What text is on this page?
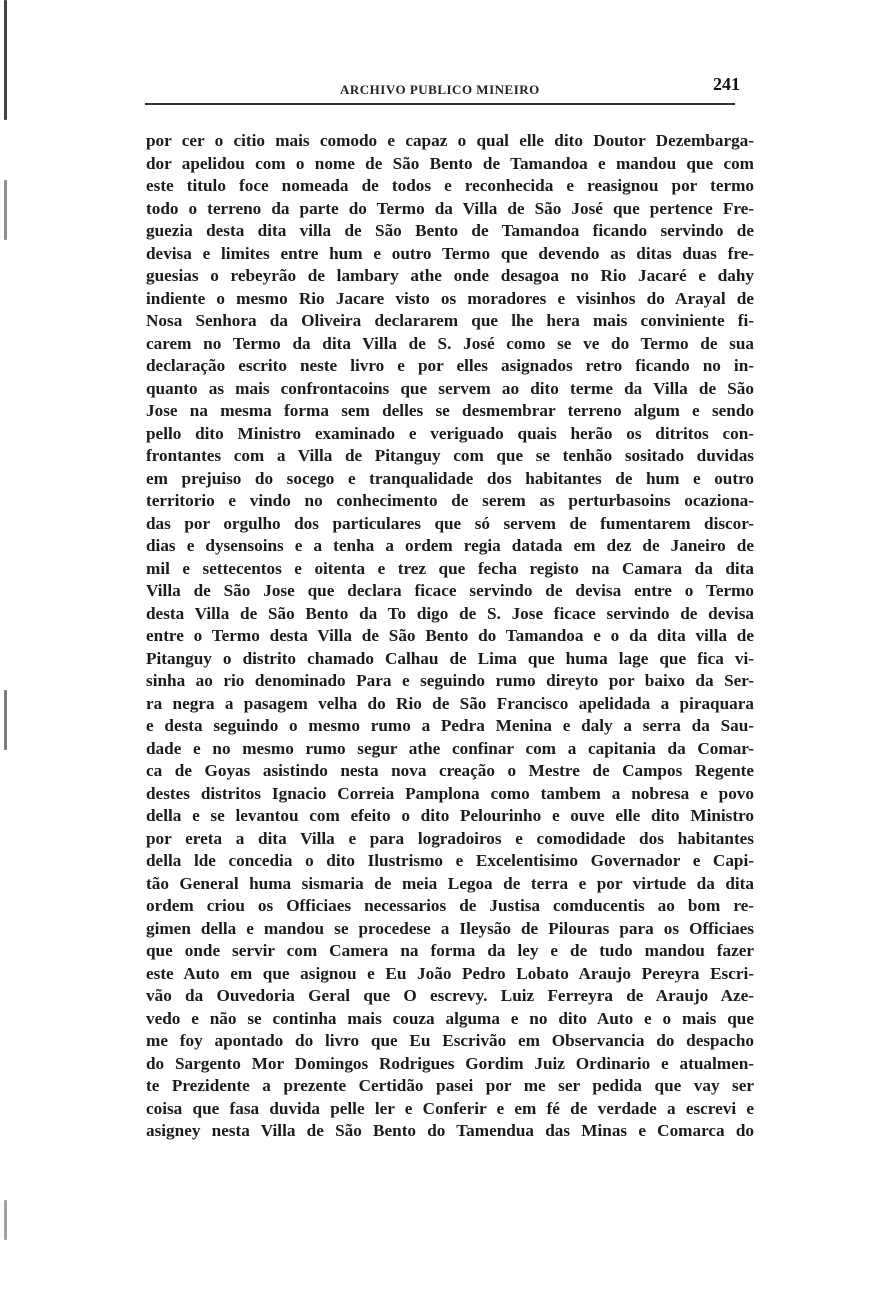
ARCHIVO PUBLICO MINEIRO	241
por cer o citio mais comodo e capaz o qual elle dito Doutor Dezembarga-
dor apelidou com o nome de São Bento de Tamandoa e mandou que com
este titulo foce nomeada de todos e reconhecida e reasignou por termo
todo o terreno da parte do Termo da Villa de São José que pertence Fre-
guezia desta dita villa de São Bento de Tamandoa ficando servindo de
devisa e limites entre hum e outro Termo que devendo as ditas duas fre-
guesias o rebeyrão de lambary athe onde desagoa no Rio Jacaré e dahy
indiente o mesmo Rio Jacare visto os moradores e visinhos do Arayal de
Nosa Senhora da Oliveira declararem que lhe hera mais conviniente fi-
carem no Termo da dita Villa de S. José como se ve do Termo de sua
declaração escrito neste livro e por elles asignados retro ficando no in-
quanto as mais confrontacoins que servem ao dito terme da Villa de São
Jose na mesma forma sem delles se desmembrar terreno algum e sendo
pello dito Ministro examinado e veriguado quais herão os ditritos con-
frontantes com a Villa de Pitanguy com que se tenhão sositado duvidas
em prejuiso do socego e tranqualidade dos habitantes de hum e outro
territorio e vindo no conhecimento de serem as perturbasoins ocaziona-
das por orgulho dos particulares que só servem de fumentarem discor-
dias e dysensoins e a tenha a ordem regia datada em dez de Janeiro de
mil e settecentos e oitenta e trez que fecha registo na Camara da dita
Villa de São Jose que declara ficace servindo de devisa entre o Termo
desta Villa de São Bento da To digo de S. Jose ficace servindo de devisa
entre o Termo desta Villa de São Bento do Tamandoa e o da dita villa de
Pitanguy o distrito chamado Calhau de Lima que huma lage que fica vi-
sinha ao rio denominado Para e seguindo rumo direyto por baixo da Ser-
ra negra a pasagem velha do Rio de São Francisco apelidada a piraquara
e desta seguindo o mesmo rumo a Pedra Menina e daly a serra da Sau-
dade e no mesmo rumo segur athe confinar com a capitania da Comar-
ca de Goyas asistindo nesta nova creação o Mestre de Campos Regente
destes distritos Ignacio Correia Pamplona como tambem a nobresa e povo
della e se levantou com efeito o dito Pelourinho e ouve elle dito Ministro
por ereta a dita Villa e para logradoiros e comodidade dos habitantes
della lde concedia o dito Ilustrismo e Excelentisimo Governador e Capi-
tão General huma sismaria de meia Legoa de terra e por virtude da dita
ordem criou os Officiaes necessarios de Justisa comducentis ao bom re-
gimen della e mandou se procedese a Ileysão de Pilouras para os Officiaes
que onde servir com Camera na forma da ley e de tudo mandou fazer
este Auto em que asignou e Eu João Pedro Lobato Araujo Pereyra Escri-
vão da Ouvedoria Geral que O escrevy. Luiz Ferreyra de Araujo Aze-
vedo e não se continha mais couza alguma e no dito Auto e o mais que
me foy apontado do livro que Eu Escrivão em Observancia do despacho
do Sargento Mor Domingos Rodrigues Gordim Juiz Ordinario e atualmen-
te Prezidente a prezente Certidão pasei por me ser pedida que vay ser
coisa que fasa duvida pelle ler e Conferir e em fé de verdade a escrevi e
asigney nesta Villa de São Bento do Tamendua das Minas e Comarca do
